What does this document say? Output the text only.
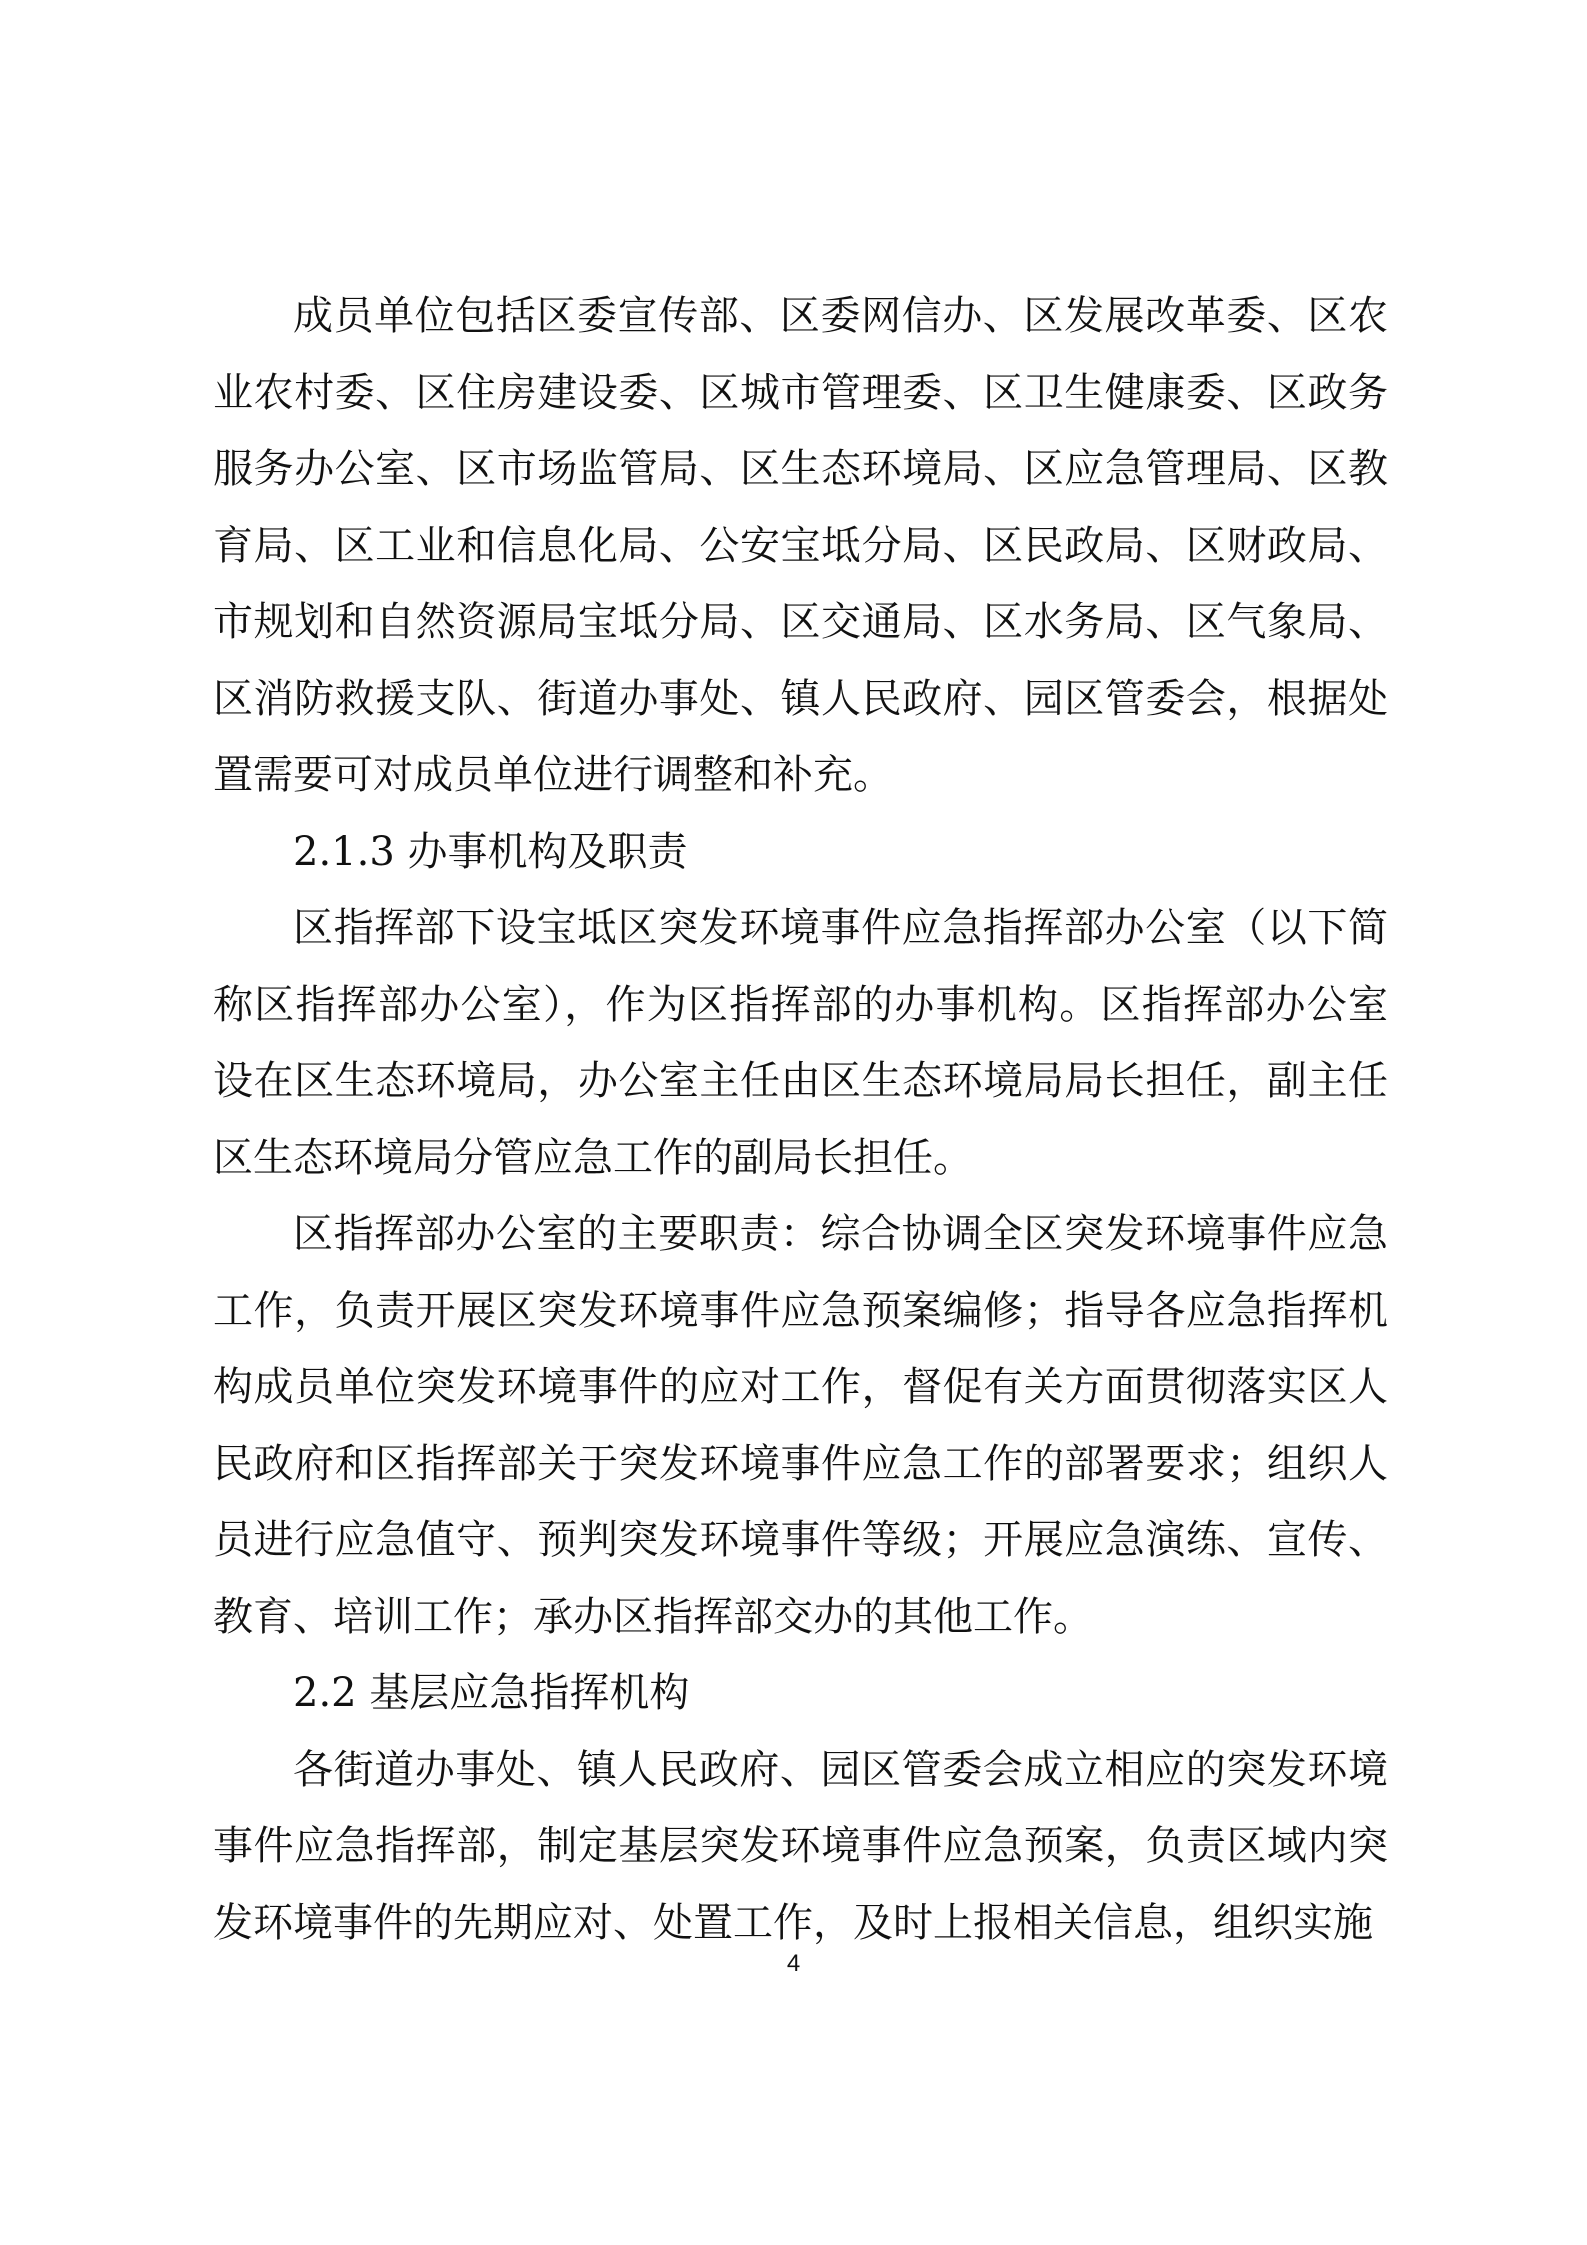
成员单位包括区委宣传部、区委网信办、区发展改革委、区农业农村委、区住房建设委、区城市管理委、区卫生健康委、区政务服务办公室、区市场监管局、区生态环境局、区应急管理局、区教育局、区工业和信息化局、公安宝坻分局、区民政局、区财政局、市规划和自然资源局宝坻分局、区交通局、区水务局、区气象局、区消防救援支队、街道办事处、镇人民政府、园区管委会，根据处置需要可对成员单位进行调整和补充。

2.1.3 办事机构及职责

区指挥部下设宝坻区突发环境事件应急指挥部办公室（以下简称区指挥部办公室），作为区指挥部的办事机构。区指挥部办公室设在区生态环境局，办公室主任由区生态环境局局长担任，副主任区生态环境局分管应急工作的副局长担任。

区指挥部办公室的主要职责：综合协调全区突发环境事件应急工作，负责开展区突发环境事件应急预案编修；指导各应急指挥机构成员单位突发环境事件的应对工作，督促有关方面贯彻落实区人民政府和区指挥部关于突发环境事件应急工作的部署要求；组织人员进行应急值守、预判突发环境事件等级；开展应急演练、宣传、教育、培训工作；承办区指挥部交办的其他工作。

2.2 基层应急指挥机构

各街道办事处、镇人民政府、园区管委会成立相应的突发环境事件应急指挥部，制定基层突发环境事件应急预案，负责区域内突发环境事件的先期应对、处置工作，及时上报相关信息，组织实施

4
